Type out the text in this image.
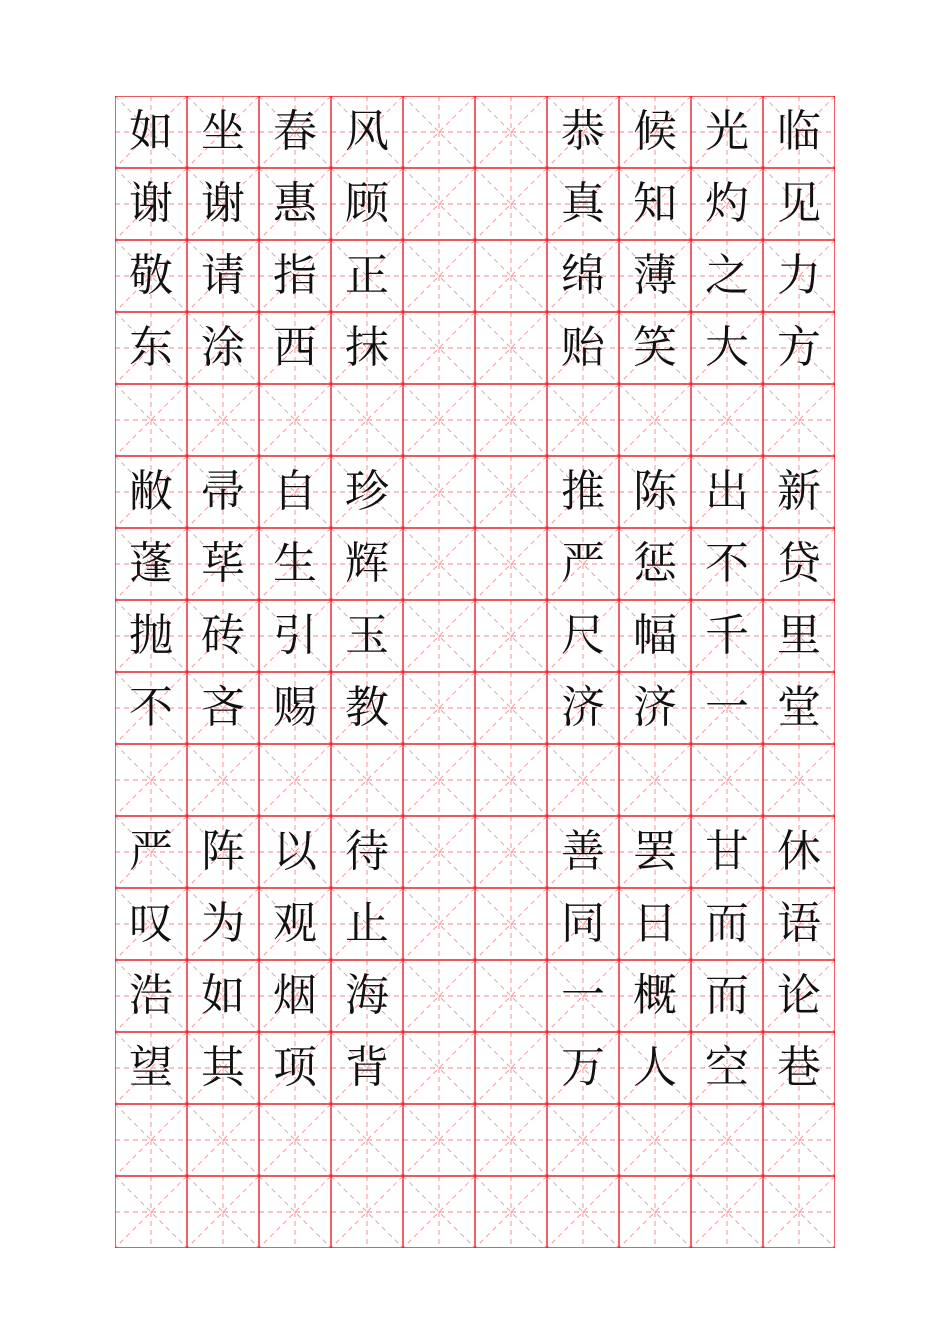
如 坐 春 风	恭 候 光 临
谢 谢 惠 顾	真 知 灼 见
敬 请 指 正	绵 薄 之 力
东 涂 西 抹	贻 笑 大 方
敝 帚 自 珍	推 陈 出 新
蓬 荜 生 辉	严 惩 不 贷
抛 砖 引 玉	尺 幅 千 里
不 吝 赐 教	济 济 一 堂
严 阵 以 待	善 罢 甘 休
叹 为 观 止	同 日 而 语
浩 如 烟 海	一 概 而 论
望 其 项 背	万 人 空 巷
